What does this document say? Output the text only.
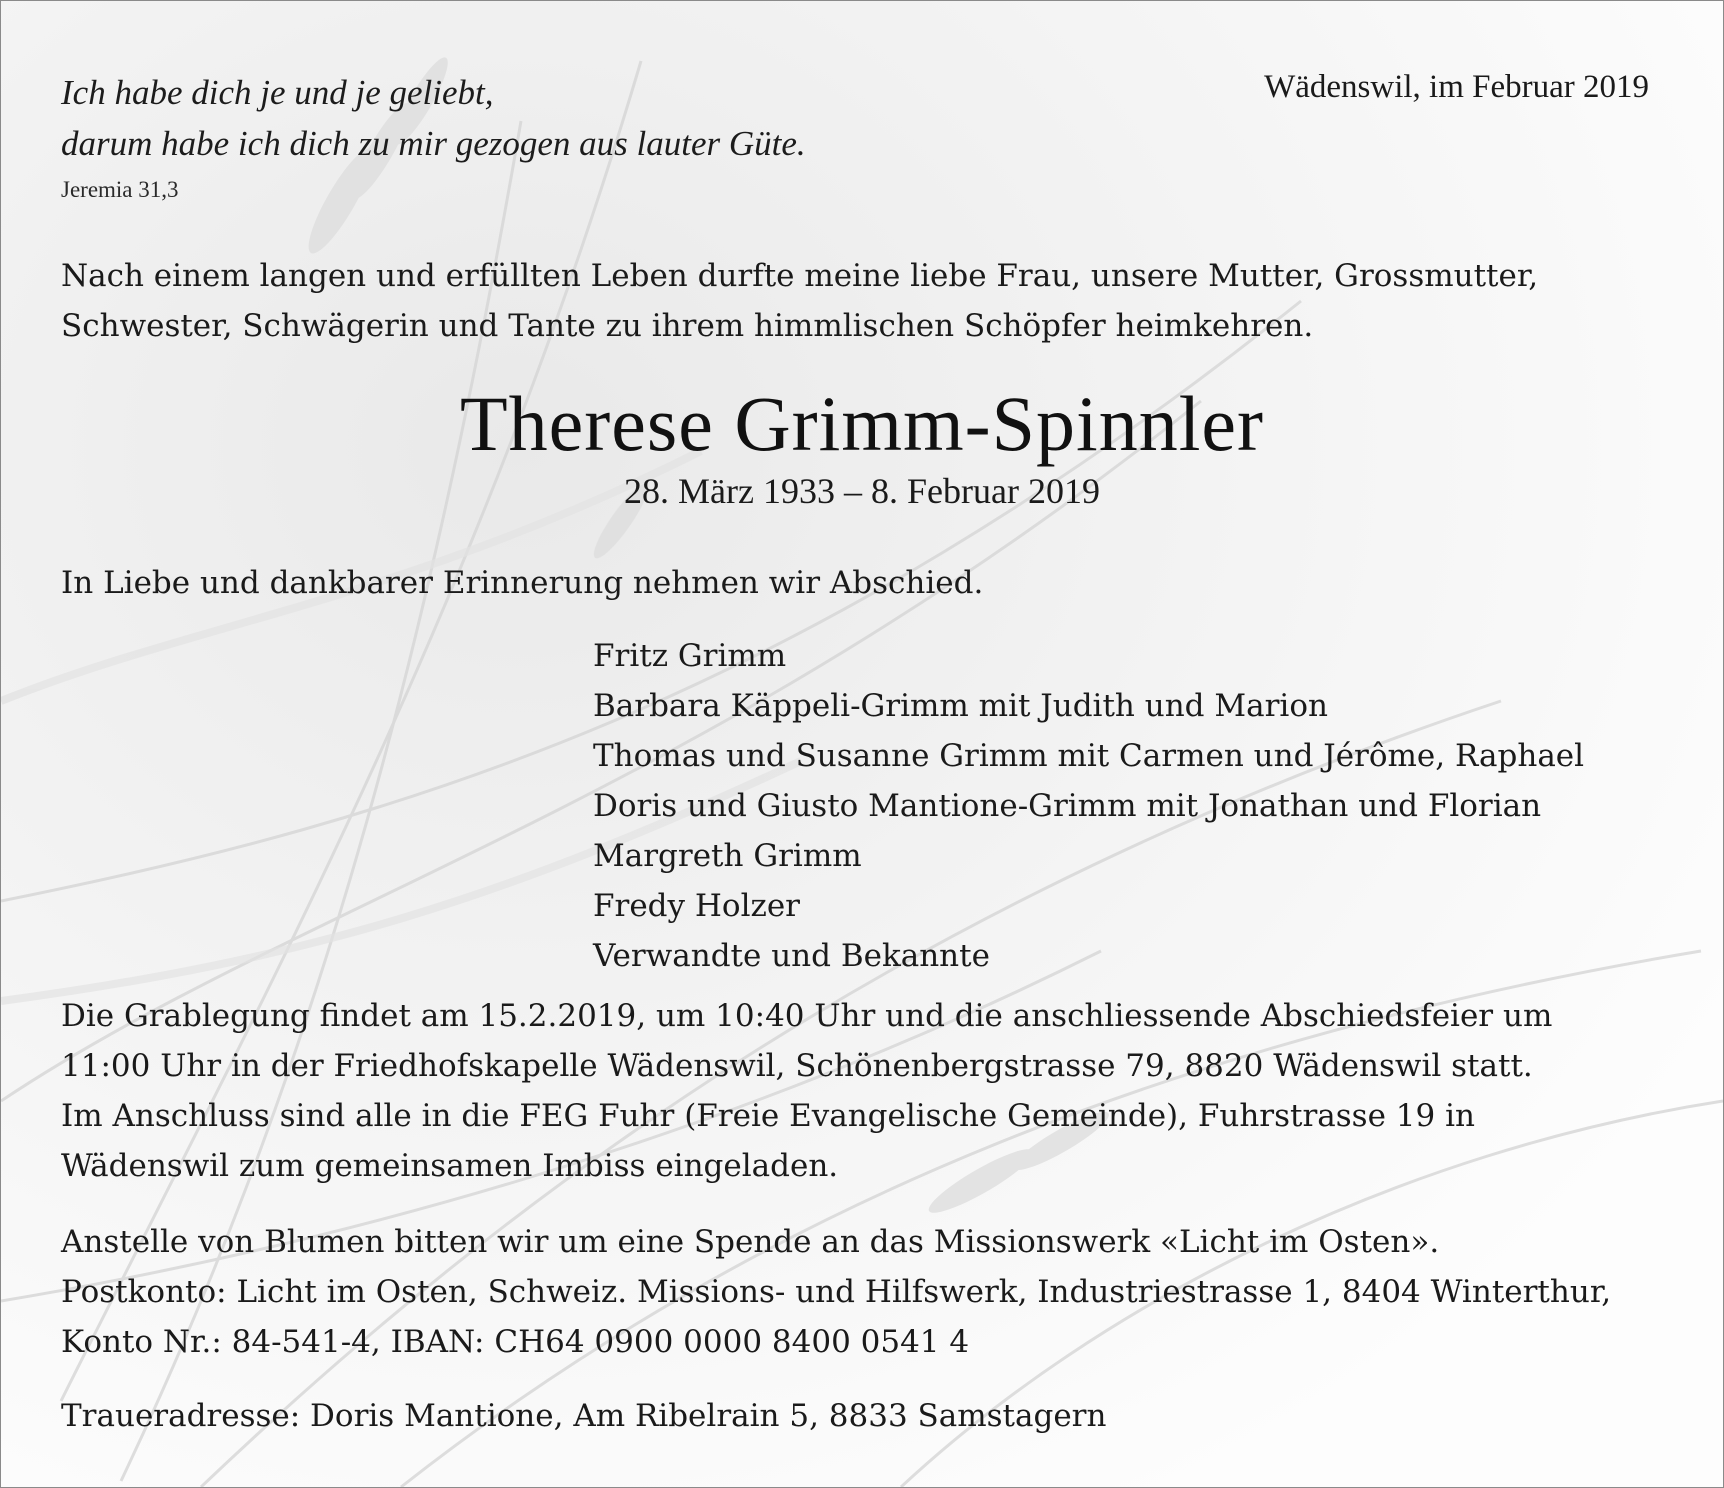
Ich habe dich je und je geliebt,
darum habe ich dich zu mir gezogen aus lauter Güte.
Jeremia 31,3
Wädenswil, im Februar 2019
Nach einem langen und erfüllten Leben durfte meine liebe Frau, unsere Mutter, Grossmutter,
Schwester, Schwägerin und Tante zu ihrem himmlischen Schöpfer heimkehren.
Therese Grimm-Spinnler
28. März 1933 – 8. Februar 2019
In Liebe und dankbarer Erinnerung nehmen wir Abschied.
Fritz Grimm
Barbara Käppeli-Grimm mit Judith und Marion
Thomas und Susanne Grimm mit Carmen und Jérôme, Raphael
Doris und Giusto Mantione-Grimm mit Jonathan und Florian
Margreth Grimm
Fredy Holzer
Verwandte und Bekannte
Die Grablegung findet am 15.2.2019, um 10:40 Uhr und die anschliessende Abschiedsfeier um
11:00 Uhr in der Friedhofskapelle Wädenswil, Schönenbergstrasse 79, 8820 Wädenswil statt.
Im Anschluss sind alle in die FEG Fuhr (Freie Evangelische Gemeinde), Fuhrstrasse 19 in
Wädenswil zum gemeinsamen Imbiss eingeladen.
Anstelle von Blumen bitten wir um eine Spende an das Missionswerk «Licht im Osten».
Postkonto: Licht im Osten, Schweiz. Missions- und Hilfswerk, Industriestrasse 1, 8404 Winterthur,
Konto Nr.: 84-541-4, IBAN: CH64 0900 0000 8400 0541 4
Traueradresse: Doris Mantione, Am Ribelrain 5, 8833 Samstagern
